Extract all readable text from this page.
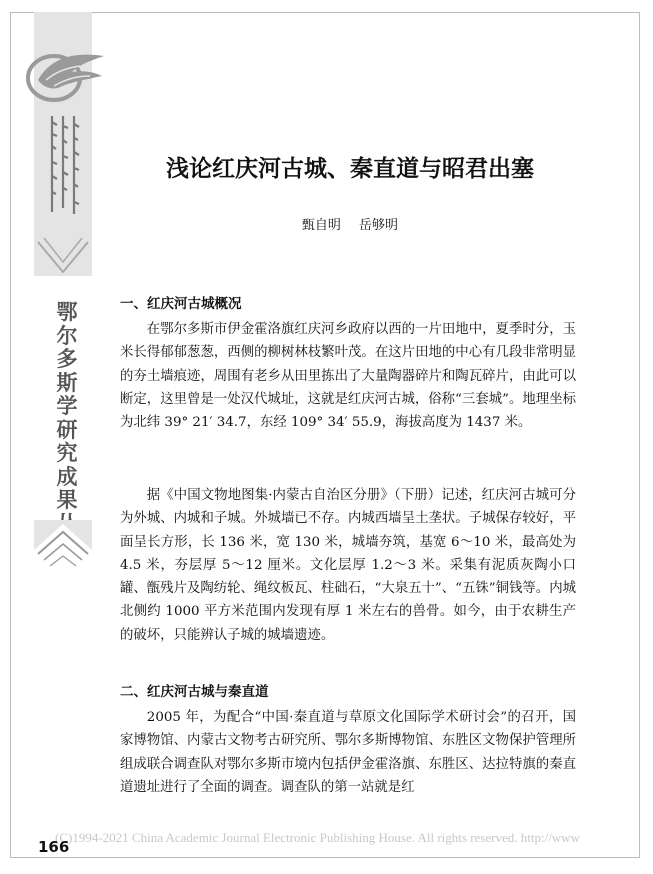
鄂尔多斯学研究成果
浅论红庆河古城、秦直道与昭君出塞
甄自明 岳够明
一、红庆河古城概况
在鄂尔多斯市伊金霍洛旗红庆河乡政府以西的一片田地中，夏季时分，玉米长得郁郁葱葱，西侧的柳树林枝繁叶茂。在这片田地的中心有几段非常明显的夯土墙痕迹，周围有老乡从田里拣出了大量陶器碎片和陶瓦碎片，由此可以断定，这里曾是一处汉代城址，这就是红庆河古城，俗称“三套城”。地理坐标为北纬 39° 21′ 34.7，东经 109° 34′ 55.9，海拔高度为 1437 米。
据《中国文物地图集·内蒙古自治区分册》（下册）记述，红庆河古城可分为外城、内城和子城。外城墙已不存。内城西墙呈土垄状。子城保存较好，平面呈长方形，长 136 米，宽 130 米，城墙夯筑，基宽 6～10 米，最高处为 4.5 米，夯层厚 5～12 厘米。文化层厚 1.2～3 米。采集有泥质灰陶小口罐、甑残片及陶纺轮、绳纹板瓦、柱础石，“大泉五十”、“五铢”铜钱等。内城北侧约 1000 平方米范围内发现有厚 1 米左右的兽骨。如今，由于农耕生产的破坏，只能辨认子城的城墙遗迹。
二、红庆河古城与秦直道
2005 年，为配合“中国·秦直道与草原文化国际学术研讨会”的召开，国家博物馆、内蒙古文物考古研究所、鄂尔多斯博物馆、东胜区文物保护管理所组成联合调查队对鄂尔多斯市境内包括伊金霍洛旗、东胜区、达拉特旗的秦直道遗址进行了全面的调查。调查队的第一站就是红
(C)1994-2021 China Academic Journal Electronic Publishing House. All rights reserved. http://www
166
